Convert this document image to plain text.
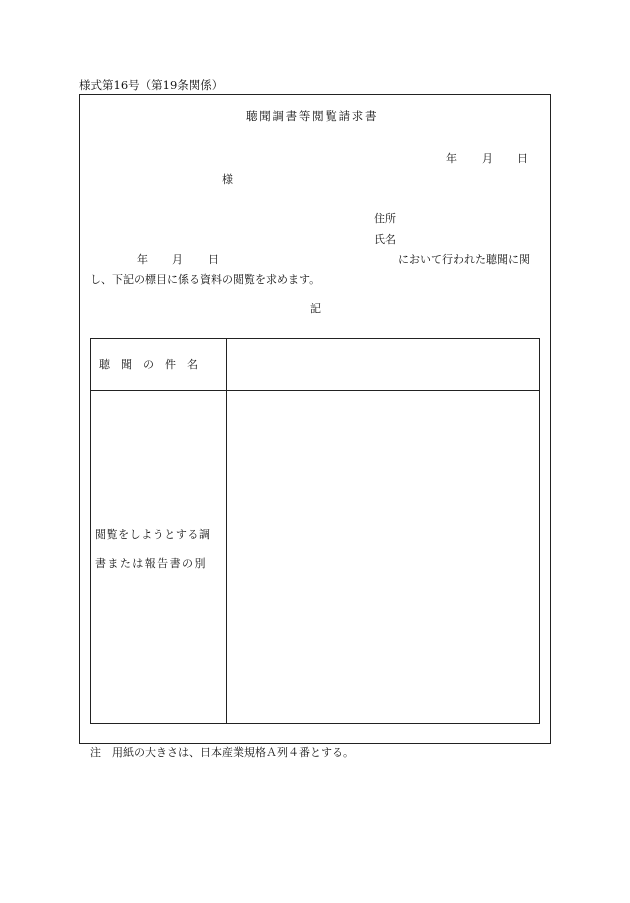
様式第16号（第19条関係）
聴聞調書等閲覧請求書
年 月 日
様
住所
氏名
年 月 日	において行われた聴聞に関
し、下記の標目に係る資料の閲覧を求めます。
記
聴　聞　の　件　名
閲覧をしようとする調
書または報告書の別
注　用紙の大きさは、日本産業規格Ａ列４番とする。
